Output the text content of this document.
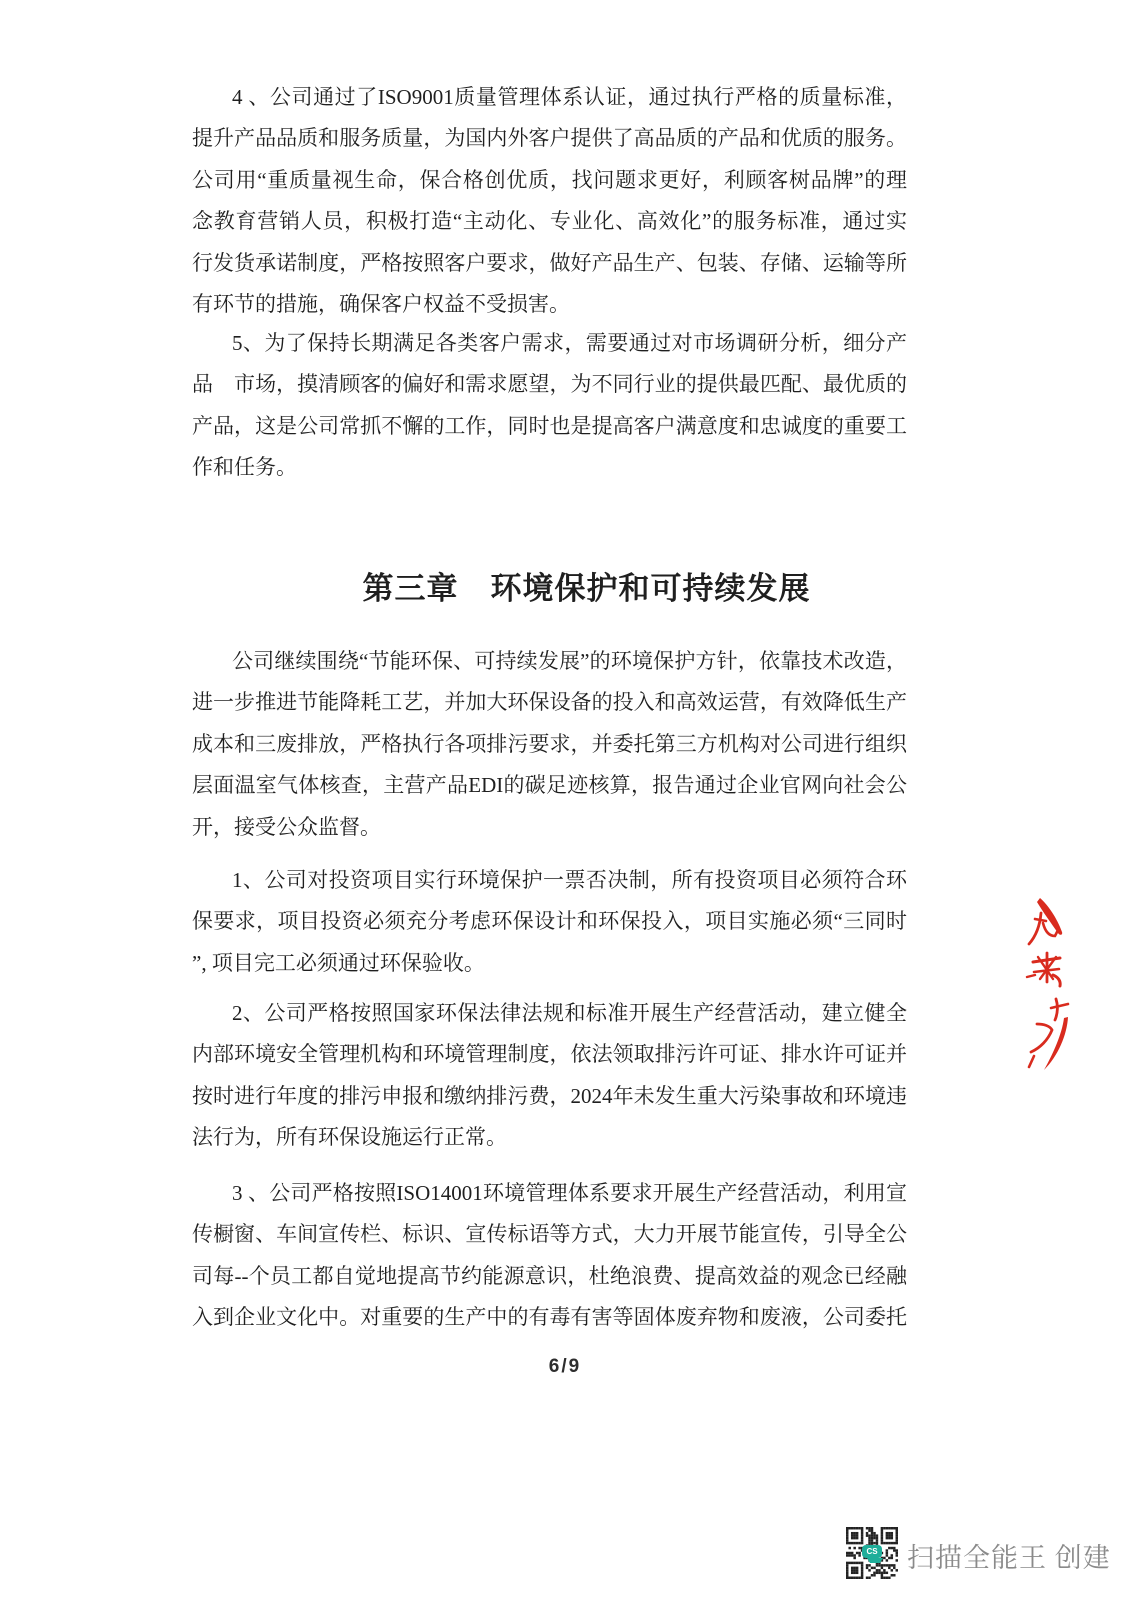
4 、公司通过了ISO9001质量管理体系认证，通过执行严格的质量标准，
提升产品品质和服务质量，为国内外客户提供了高品质的产品和优质的服务。
公司用“重质量视生命，保合格创优质，找问题求更好，利顾客树品牌”的理
念教育营销人员，积极打造“主动化、专业化、高效化”的服务标准，通过实
行发货承诺制度，严格按照客户要求，做好产品生产、包装、存储、运输等所
有环节的措施，确保客户权益不受损害。
5、为了保持长期满足各类客户需求，需要通过对市场调研分析，细分产
品　市场，摸清顾客的偏好和需求愿望，为不同行业的提供最匹配、最优质的
产品，这是公司常抓不懈的工作，同时也是提高客户满意度和忠诚度的重要工
作和任务。
第三章　环境保护和可持续发展
公司继续围绕“节能环保、可持续发展”的环境保护方针，依靠技术改造，
进一步推进节能降耗工艺，并加大环保设备的投入和高效运营，有效降低生产
成本和三废排放，严格执行各项排污要求，并委托第三方机构对公司进行组织
层面温室气体核查，主营产品EDI的碳足迹核算，报告通过企业官网向社会公
开，接受公众监督。
1、公司对投资项目实行环境保护一票否决制，所有投资项目必须符合环
保要求，项目投资必须充分考虑环保设计和环保投入，项目实施必须“三同时
”, 项目完工必须通过环保验收。
2、公司严格按照国家环保法律法规和标准开展生产经营活动，建立健全
内部环境安全管理机构和环境管理制度，依法领取排污许可证、排水许可证并
按时进行年度的排污申报和缴纳排污费，2024年未发生重大污染事故和环境违
法行为，所有环保设施运行正常。
3 、公司严格按照ISO14001环境管理体系要求开展生产经营活动，利用宣
传橱窗、车间宣传栏、标识、宣传标语等方式，大力开展节能宣传，引导全公
司每--个员工都自觉地提高节约能源意识，杜绝浪费、提高效益的观念已经融
入到企业文化中。对重要的生产中的有毒有害等固体废弃物和废液，公司委托
6/9
CS 扫描全能王 创建
